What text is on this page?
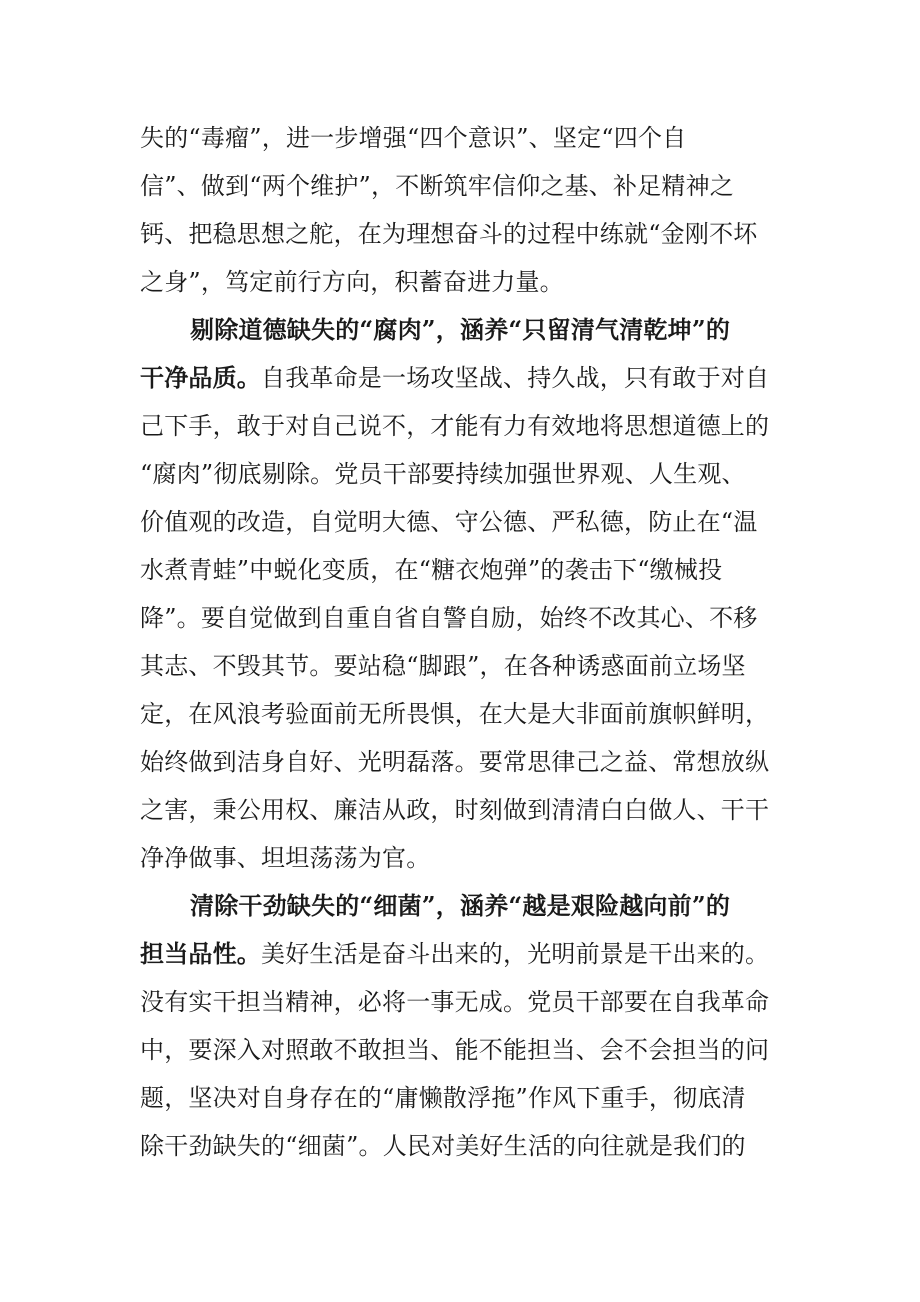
失的“毒瘤”，进一步增强“四个意识”、坚定“四个自
信”、做到“两个维护”，不断筑牢信仰之基、补足精神之
钙、把稳思想之舵，在为理想奋斗的过程中练就“金刚不坏
之身”，笃定前行方向，积蓄奋进力量。
剔除道德缺失的“腐肉”，涵养“只留清气清乾坤”的
干净品质。自我革命是一场攻坚战、持久战，只有敢于对自
己下手，敢于对自己说不，才能有力有效地将思想道德上的
“腐肉”彻底剔除。党员干部要持续加强世界观、人生观、
价值观的改造，自觉明大德、守公德、严私德，防止在“温
水煮青蛙”中蜕化变质，在“糖衣炮弹”的袭击下“缴械投
降”。要自觉做到自重自省自警自励，始终不改其心、不移
其志、不毁其节。要站稳“脚跟”，在各种诱惑面前立场坚
定，在风浪考验面前无所畏惧，在大是大非面前旗帜鲜明，
始终做到洁身自好、光明磊落。要常思律己之益、常想放纵
之害，秉公用权、廉洁从政，时刻做到清清白白做人、干干
净净做事、坦坦荡荡为官。
清除干劲缺失的“细菌”，涵养“越是艰险越向前”的
担当品性。美好生活是奋斗出来的，光明前景是干出来的。
没有实干担当精神，必将一事无成。党员干部要在自我革命
中，要深入对照敢不敢担当、能不能担当、会不会担当的问
题，坚决对自身存在的“庸懒散浮拖”作风下重手，彻底清
除干劲缺失的“细菌”。人民对美好生活的向往就是我们的
